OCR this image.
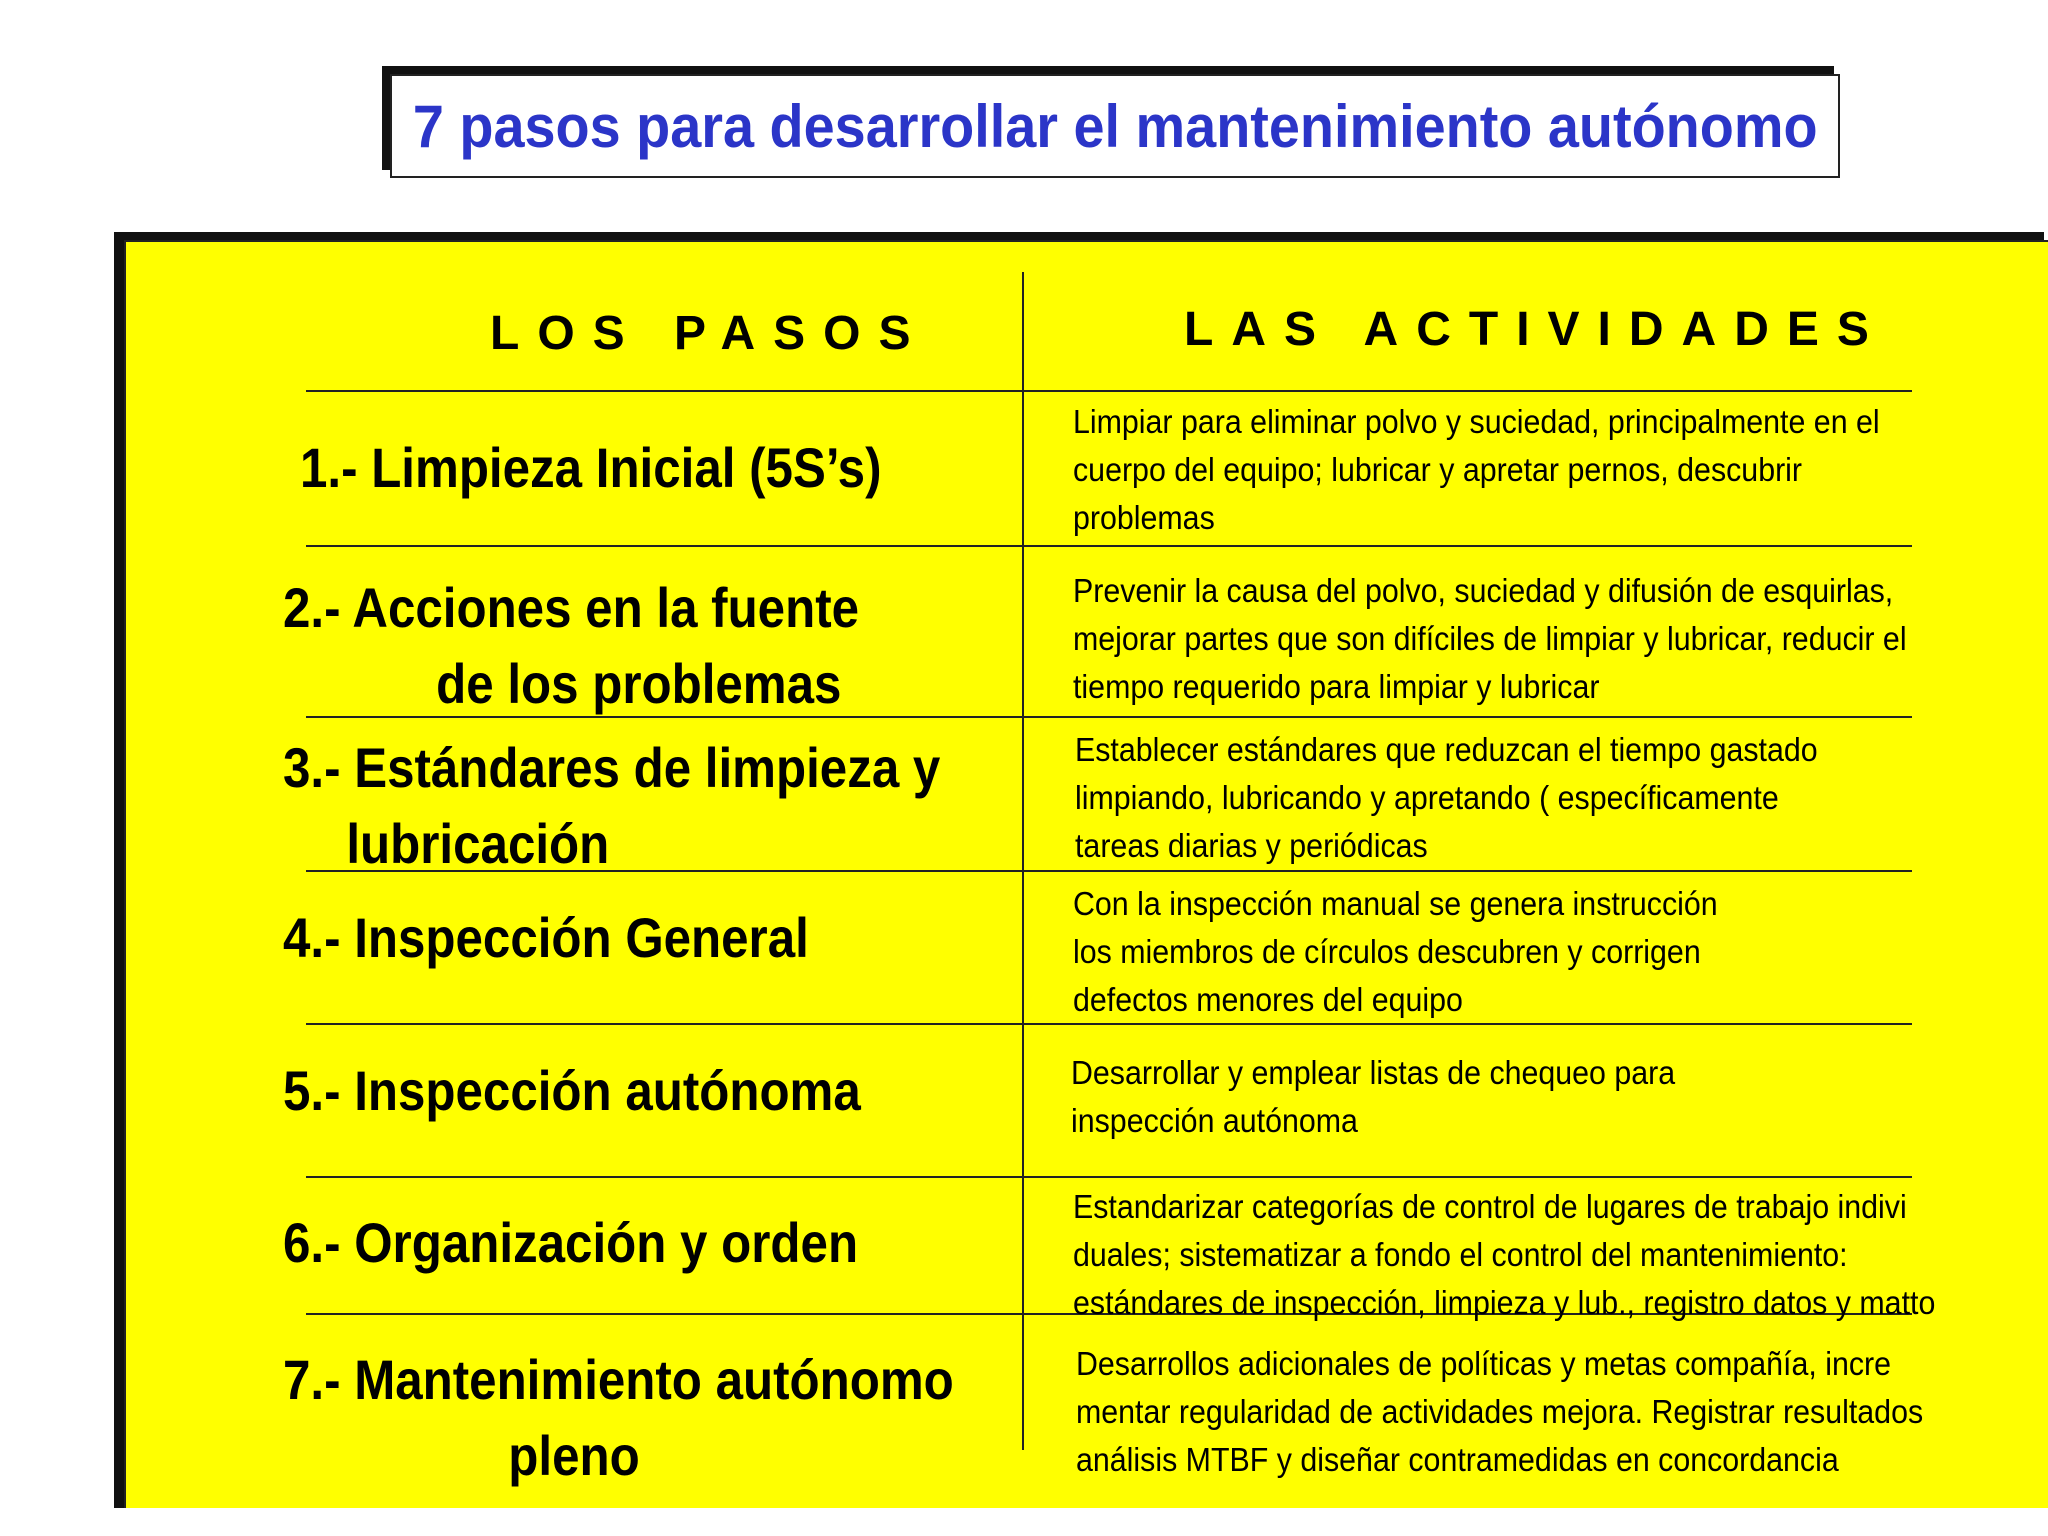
7 pasos para desarrollar el mantenimiento autónomo
LOS PASOS	LAS ACTIVIDADES
1.- Limpieza Inicial (5S’s)
Limpiar para eliminar polvo y suciedad, principalmente en el
cuerpo del equipo; lubricar y apretar pernos, descubrir
problemas
2.- Acciones en la fuente
de los problemas
Prevenir la causa del polvo, suciedad y difusión de esquirlas,
mejorar partes que son difíciles de limpiar y lubricar, reducir el
tiempo requerido para limpiar y lubricar
3.- Estándares de limpieza y
lubricación
Establecer estándares que reduzcan el tiempo gastado
limpiando, lubricando y apretando ( específicamente
tareas diarias y periódicas
4.- Inspección General
Con la inspección manual se genera instrucción
los miembros de círculos descubren y corrigen
defectos menores del equipo
5.- Inspección autónoma	Desarrollar y emplear listas de chequeo para
inspección autónoma
6.- Organización y orden
Estandarizar categorías de control de lugares de trabajo indivi
duales; sistematizar a fondo el control del mantenimiento:
estándares de inspección, limpieza y lub., registro datos y matto
7.- Mantenimiento autónomo
pleno
Desarrollos adicionales de políticas y metas compañía, incre
mentar regularidad de actividades mejora. Registrar resultados
análisis MTBF y diseñar contramedidas en concordancia
